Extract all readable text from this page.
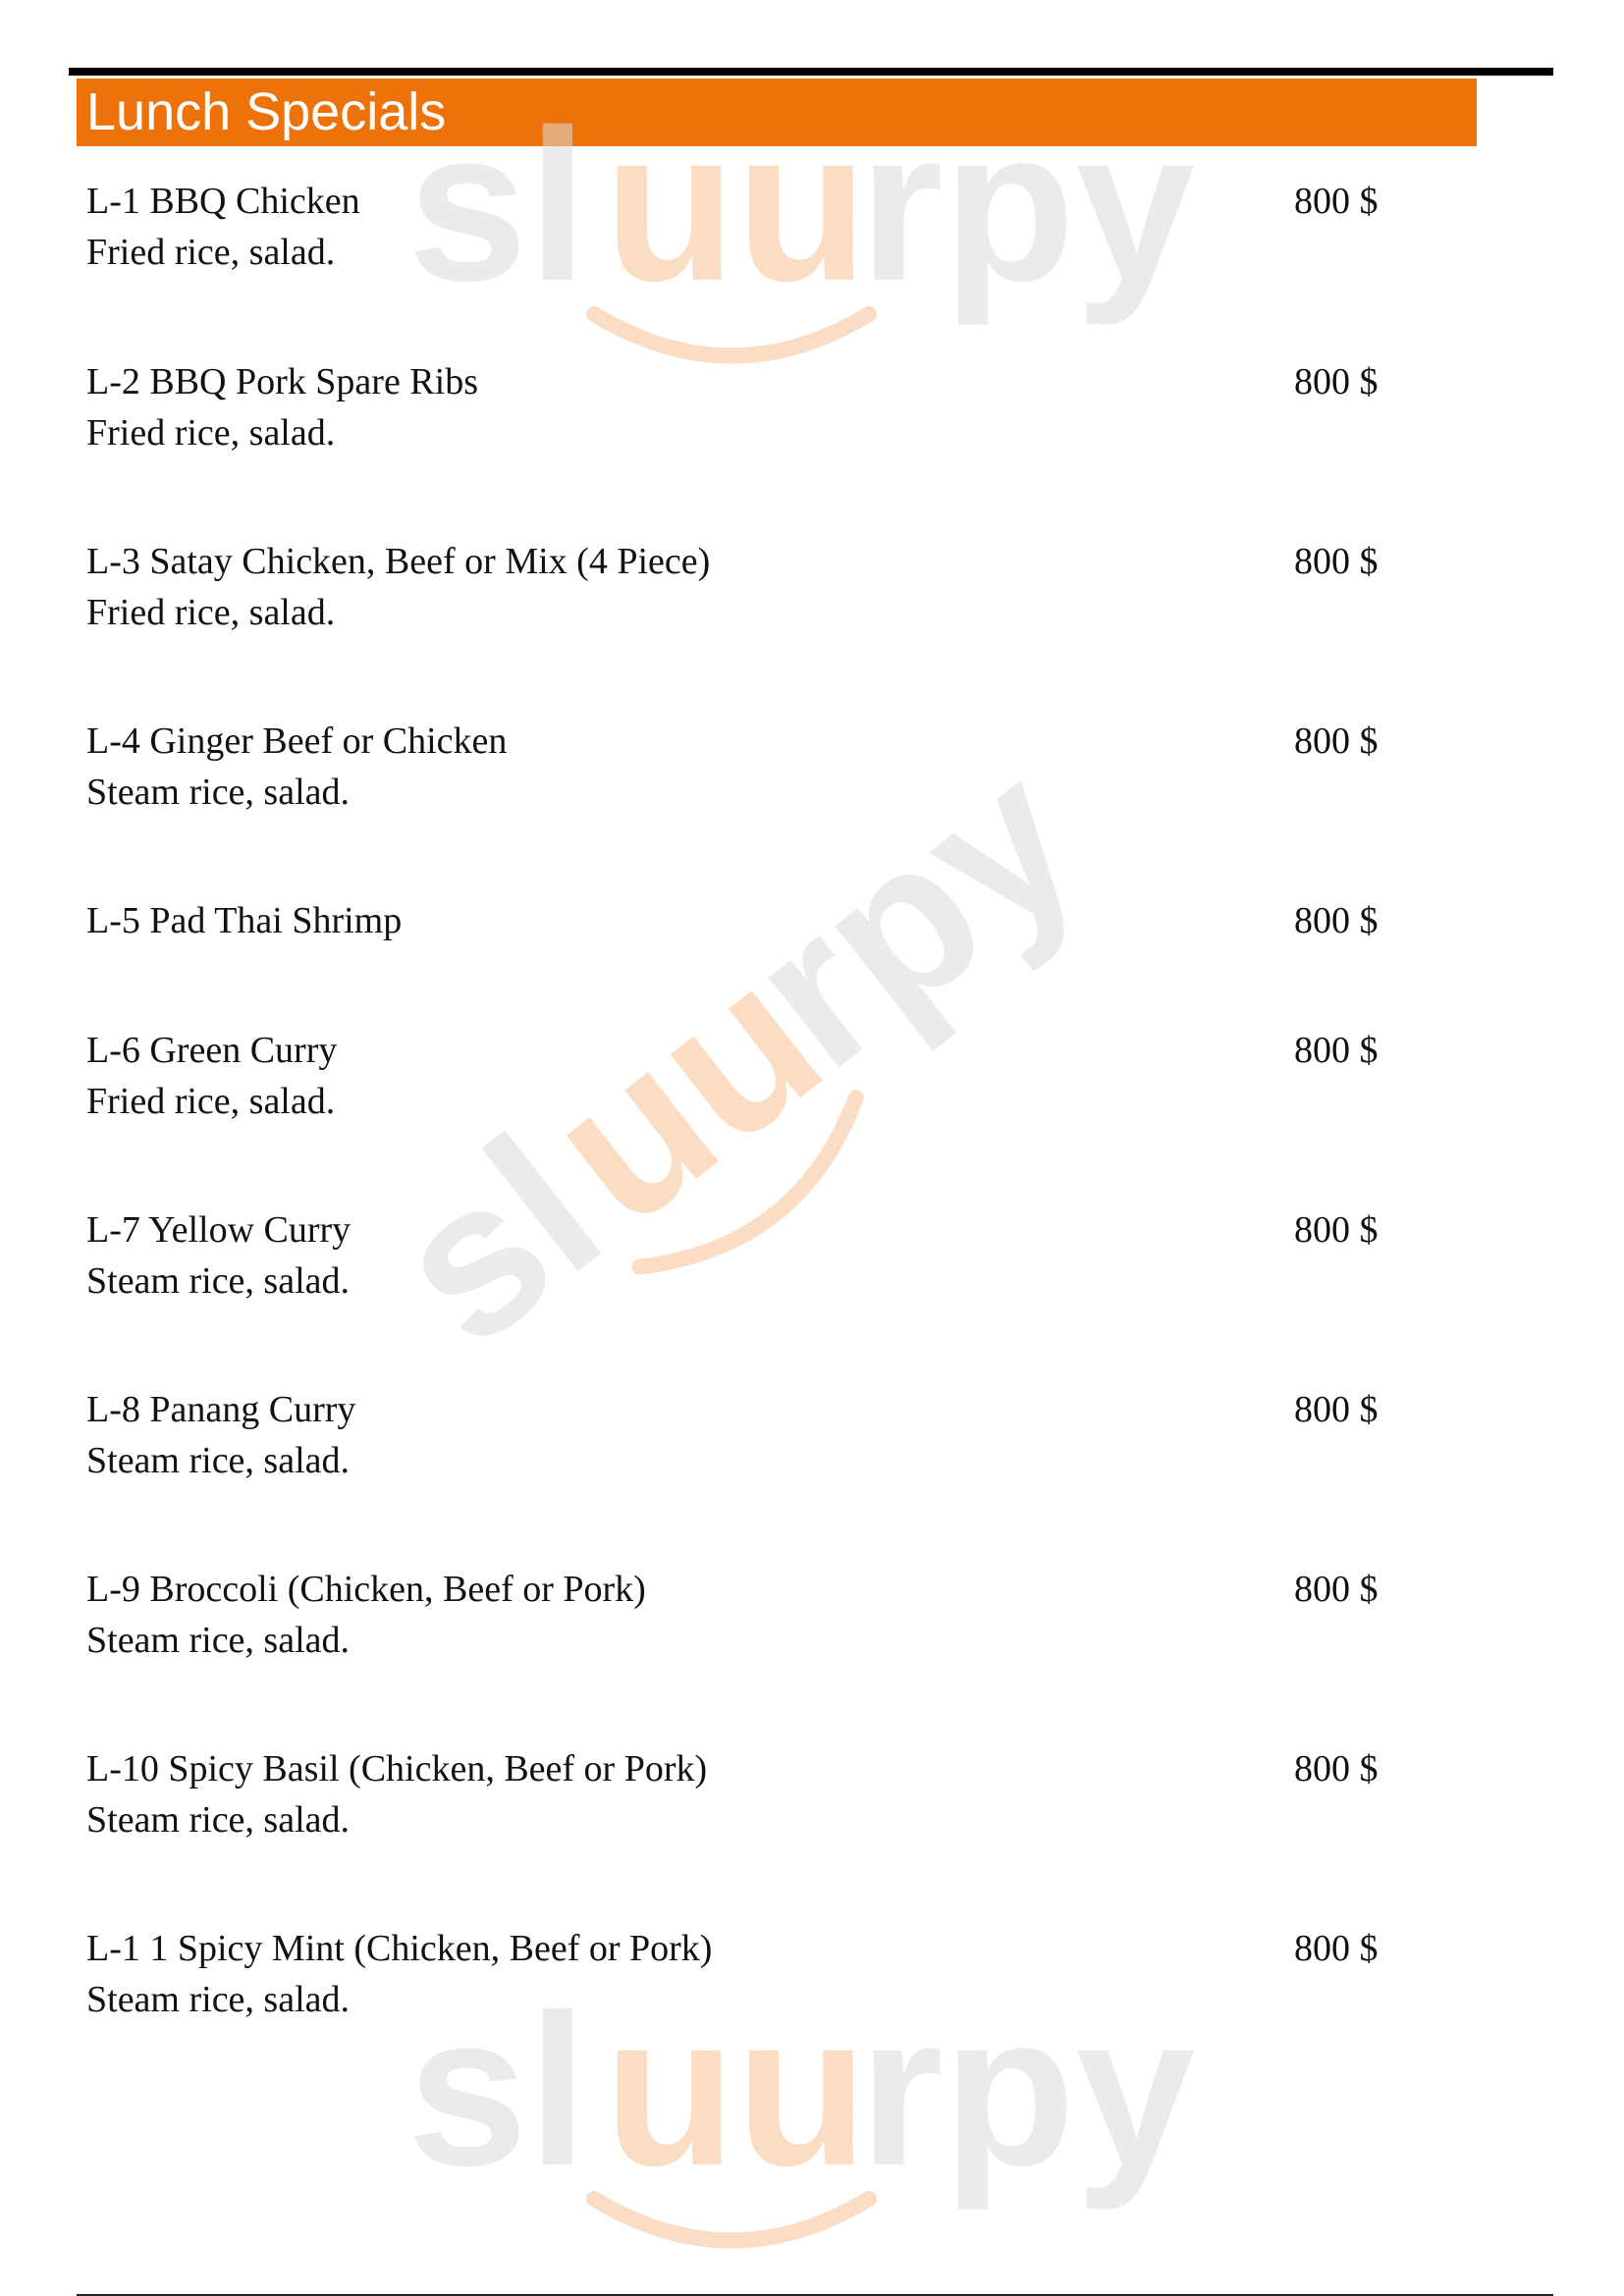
Lunch Specials
sl uu
rpy
sl
uu
rpy
sl uu
rpy
L-1 BBQ Chicken
Fried rice, salad.
800 $
L-2 BBQ Pork Spare Ribs
Fried rice, salad.
800 $
L-3 Satay Chicken, Beef or Mix (4 Piece)
Fried rice, salad.
800 $
L-4 Ginger Beef or Chicken
Steam rice, salad.
800 $
L-5 Pad Thai Shrimp	800 $
L-6 Green Curry
Fried rice, salad.
800 $
L-7 Yellow Curry
Steam rice, salad.
800 $
L-8 Panang Curry
Steam rice, salad.
800 $
L-9 Broccoli (Chicken, Beef or Pork)
Steam rice, salad.
800 $
L-10 Spicy Basil (Chicken, Beef or Pork)
Steam rice, salad.
800 $
L-1 1 Spicy Mint (Chicken, Beef or Pork)
Steam rice, salad.
800 $
